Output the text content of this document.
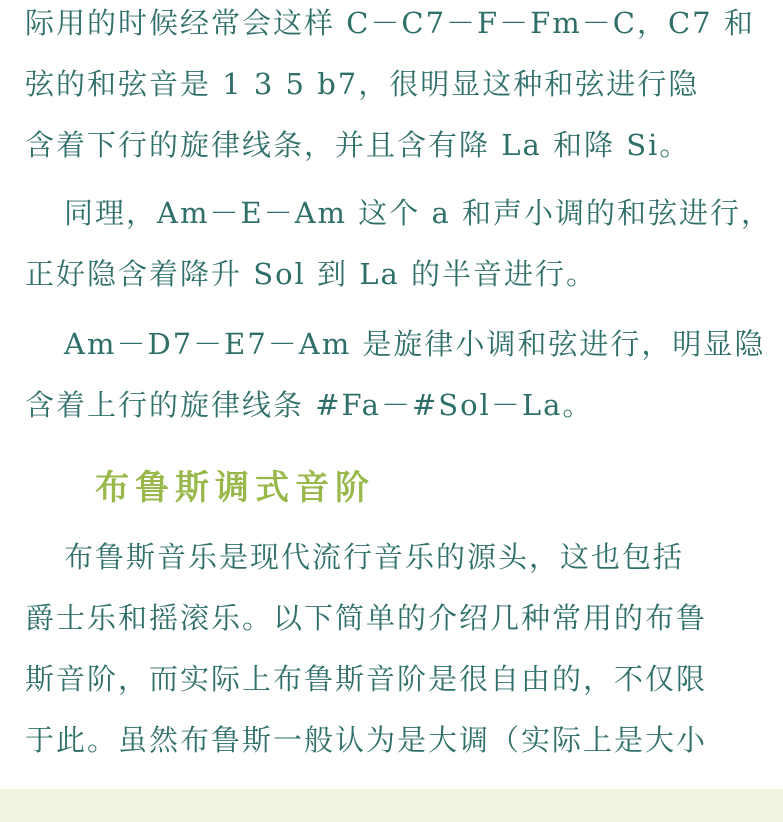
际用的时候经常会这样 C－C7－F－Fm－C，C7 和
弦的和弦音是 1 3 5 b7，很明显这种和弦进行隐
含着下行的旋律线条，并且含有降 La 和降 Si。
同理，Am－E－Am 这个 a 和声小调的和弦进行，
正好隐含着降升 Sol 到 La 的半音进行。
Am－D7－E7－Am 是旋律小调和弦进行，明显隐
含着上行的旋律线条 #Fa－#Sol－La。
布鲁斯调式音阶
布鲁斯音乐是现代流行音乐的源头，这也包括
爵士乐和摇滚乐。以下简单的介绍几种常用的布鲁
斯音阶，而实际上布鲁斯音阶是很自由的，不仅限
于此。虽然布鲁斯一般认为是大调（实际上是大小
